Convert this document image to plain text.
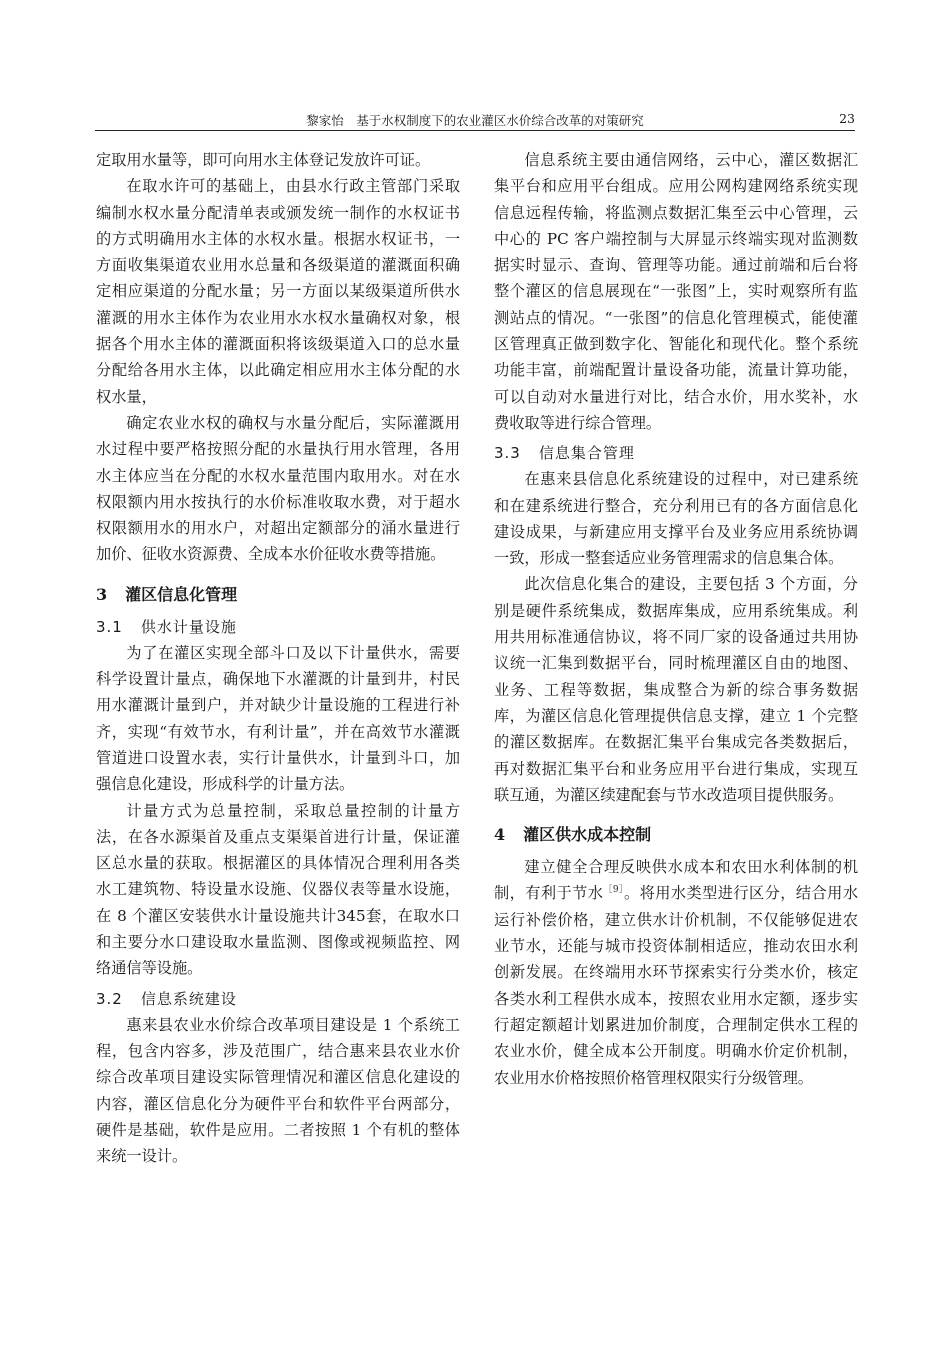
黎家怡　基于水权制度下的农业灌区水价综合改革的对策研究	23

定取用水量等，即可向用水主体登记发放许可证。

在取水许可的基础上，由县水行政主管部门采取编制水权水量分配清单表或颁发统一制作的水权证书的方式明确用水主体的水权水量。根据水权证书，一方面收集渠道农业用水总量和各级渠道的灌溉面积确定相应渠道的分配水量；另一方面以某级渠道所供水灌溉的用水主体作为农业用水水权水量确权对象，根据各个用水主体的灌溉面积将该级渠道入口的总水量分配给各用水主体，以此确定相应用水主体分配的水权水量，

确定农业水权的确权与水量分配后，实际灌溉用水过程中要严格按照分配的水量执行用水管理，各用水主体应当在分配的水权水量范围内取用水。对在水权限额内用水按执行的水价标准收取水费，对于超水权限额用水的用水户，对超出定额部分的涌水量进行加价、征收水资源费、全成本水价征收水费等措施。

3 灌区信息化管理
3.1 供水计量设施

为了在灌区实现全部斗口及以下计量供水，需要科学设置计量点，确保地下水灌溉的计量到井，村民用水灌溉计量到户，并对缺少计量设施的工程进行补齐，实现“有效节水，有利计量”，并在高效节水灌溉管道进口设置水表，实行计量供水，计量到斗口，加强信息化建设，形成科学的计量方法。

计量方式为总量控制，采取总量控制的计量方法，在各水源渠首及重点支渠渠首进行计量，保证灌区总水量的获取。根据灌区的具体情况合理利用各类水工建筑物、特设量水设施、仪器仪表等量水设施，在 8 个灌区安装供水计量设施共计345套，在取水口和主要分水口建设取水量监测、图像或视频监控、网络通信等设施。

3.2 信息系统建设

惠来县农业水价综合改革项目建设是 1 个系统工程，包含内容多，涉及范围广，结合惠来县农业水价综合改革项目建设实际管理情况和灌区信息化建设的内容，灌区信息化分为硬件平台和软件平台两部分，硬件是基础，软件是应用。二者按照 1 个有机的整体来统一设计。

信息系统主要由通信网络，云中心，灌区数据汇集平台和应用平台组成。应用公网构建网络系统实现信息远程传输，将监测点数据汇集至云中心管理，云中心的 PC 客户端控制与大屏显示终端实现对监测数据实时显示、查询、管理等功能。通过前端和后台将整个灌区的信息展现在“一张图”上，实时观察所有监测站点的情况。“一张图”的信息化管理模式，能使灌区管理真正做到数字化、智能化和现代化。整个系统功能丰富，前端配置计量设备功能，流量计算功能，可以自动对水量进行对比，结合水价，用水奖补，水费收取等进行综合管理。

3.3 信息集合管理

在惠来县信息化系统建设的过程中，对已建系统和在建系统进行整合，充分利用已有的各方面信息化建设成果，与新建应用支撑平台及业务应用系统协调一致，形成一整套适应业务管理需求的信息集合体。

此次信息化集合的建设，主要包括 3 个方面，分别是硬件系统集成，数据库集成，应用系统集成。利用共用标准通信协议，将不同厂家的设备通过共用协议统一汇集到数据平台，同时梳理灌区自由的地图、业务、工程等数据，集成整合为新的综合事务数据库，为灌区信息化管理提供信息支撑，建立 1 个完整的灌区数据库。在数据汇集平台集成完各类数据后，再对数据汇集平台和业务应用平台进行集成，实现互联互通，为灌区续建配套与节水改造项目提供服务。

4 灌区供水成本控制

建立健全合理反映供水成本和农田水利体制的机制，有利于节水$^{[9]}$。将用水类型进行区分，结合用水运行补偿价格，建立供水计价机制，不仅能够促进农业节水，还能与城市投资体制相适应，推动农田水利创新发展。在终端用水环节探索实行分类水价，核定各类水利工程供水成本，按照农业用水定额，逐步实行超定额超计划累进加价制度，合理制定供水工程的农业水价，健全成本公开制度。明确水价定价机制，农业用水价格按照价格管理权限实行分级管理。
